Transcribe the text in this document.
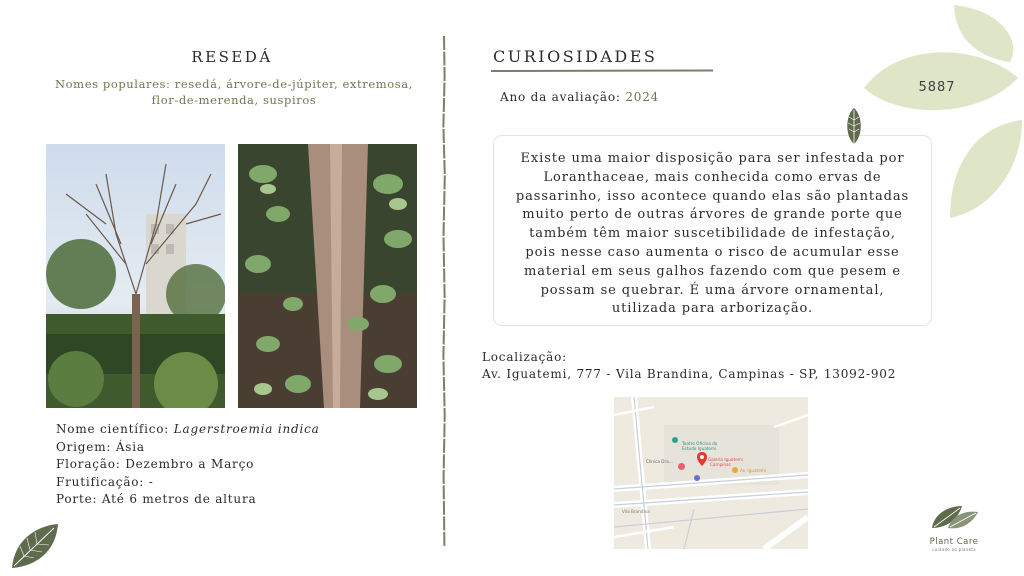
RESEDÁ
Nomes populares: resedá, árvore-de-júpiter, extremosa,
flor-de-merenda, suspiros
Nome científico: Lagerstroemia indica
Origem: Ásia
Floração: Dezembro a Março
Frutificação: -
Porte: Até 6 metros de altura
CURIOSIDADES
Ano da avaliação: 2024
Existe uma maior disposição para ser infestada por
Loranthaceae, mais conhecida como ervas de
passarinho, isso acontece quando elas são plantadas
muito perto de outras árvores de grande porte que
também têm maior suscetibilidade de infestação,
pois nesse caso aumenta o risco de acumular esse
material em seus galhos fazendo com que pesem e
possam se quebrar. É uma árvore ornamental,
utilizada para arborização.
Localização:
Av. Iguatemi, 777 - Vila Brandina, Campinas - SP, 13092-902
Teatro Oficina do
Estudo Iguatemi
Galeria Iguatemi
Campinas
Clínica Dra...
Av. Iguatemi
Vila Brandina
5887
Plant Care
cuidado ao planeta
